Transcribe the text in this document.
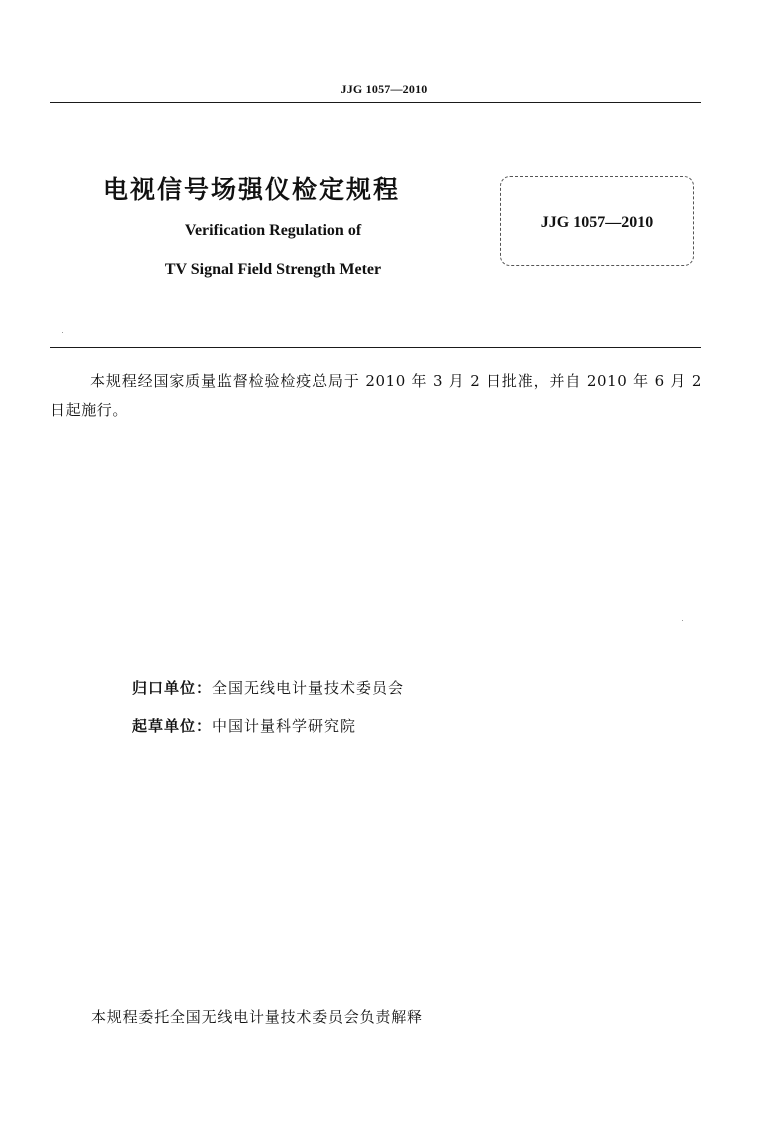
JJG 1057—2010
电视信号场强仪检定规程
Verification Regulation of
TV Signal Field Strength Meter
JJG 1057—2010
本规程经国家质量监督检验检疫总局于 2010 年 3 月 2 日批准，并自 2010 年 6 月 2 日起施行。
归口单位：全国无线电计量技术委员会
起草单位：中国计量科学研究院
本规程委托全国无线电计量技术委员会负责解释
